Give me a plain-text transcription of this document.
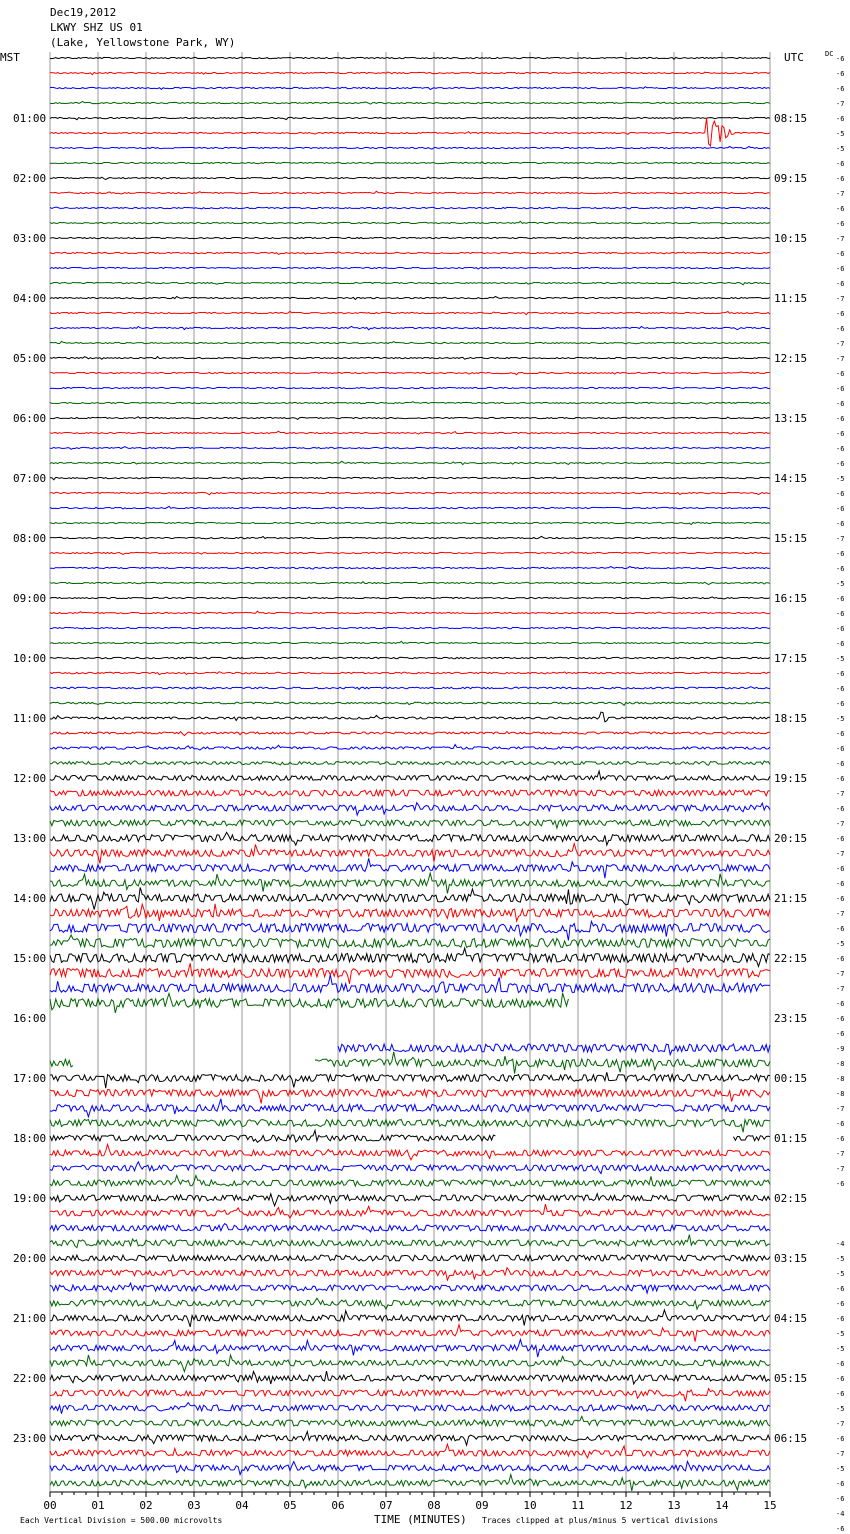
Dec19,2012
LKWY SHZ US 01
(Lake, Yellowstone Park, WY)
MST	UTC	DC
01:00	08:15
02:00	09:15
03:00	10:15
04:00	11:15
05:00	12:15
06:00	13:15
07:00	14:15
08:00	15:15
09:00	16:15
10:00	17:15
11:00	18:15
12:00	19:15
13:00	20:15
14:00	21:15
15:00	22:15
16:00	23:15
17:00	00:15
18:00	01:15
19:00	02:15
20:00	03:15
21:00	04:15
22:00	05:15
23:00	06:15
-6
-6
-6
-7
-6
-5
-5
-6
-6
-7
-6
-6
-7
-6
-6
-6
-7
-6
-6
-7
-7
-6
-6
-6
-6
-6
-6
-6
-5
-6
-6
-6
-7
-6
-6
-5
-6
-6
-6
-6
-5
-6
-6
-6
-5
-6
-6
-6
-6
-7
-6
-7
-6
-7
-6
-6
-6
-7
-6
-5
-6
-7
-7
-6
-6
-6
-9
-8
-8
-8
-7
-6
-6
-7
-7
-6
-4
-5
-5
-6
-6
-6
-5
-5
-6
-6
-6
-5
-7
-6
-7
-5
-6
-6
-4
-6
00	01	02	03	04	05	06	07	08	09	10	11	12	13	14	15
Each Vertical Division = 500.00 microvolts	TIME (MINUTES) Traces clipped at plus/minus 5 vertical divisions
